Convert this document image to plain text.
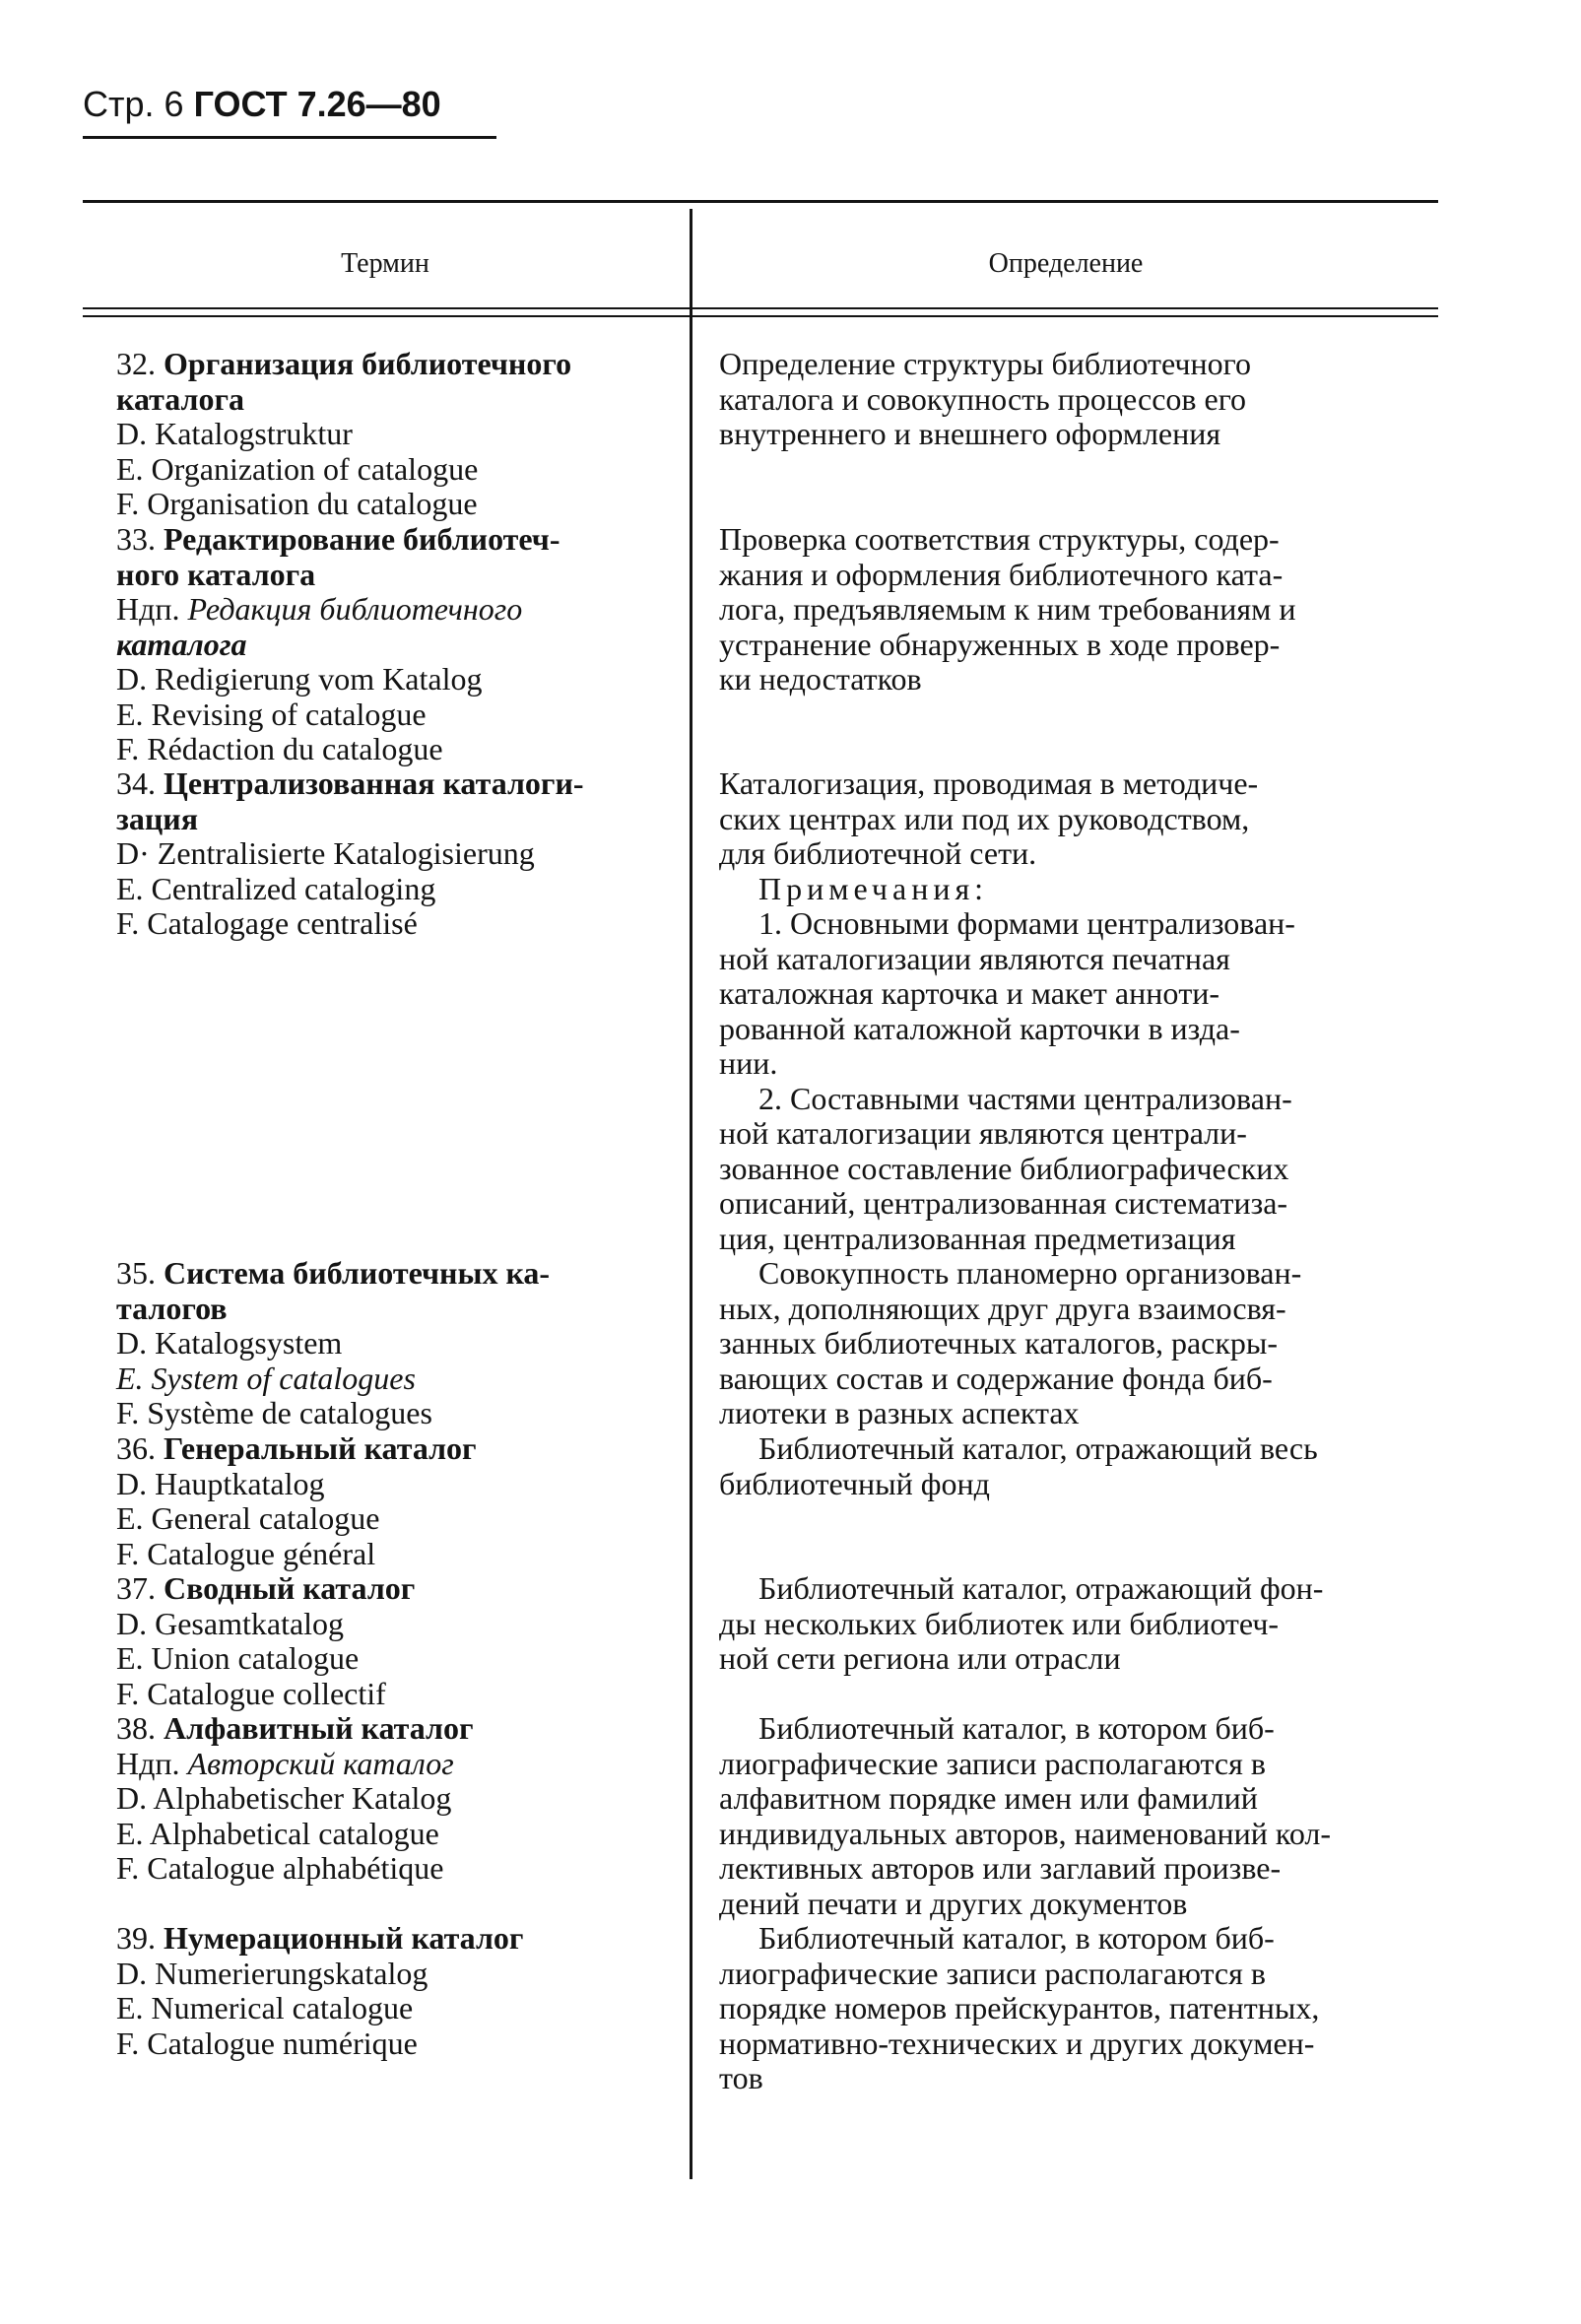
Стр. 6 ГОСТ 7.26—80
Термин	Определение
32. Организация библиотечного
каталога
D. Katalogstruktur
E. Organization of catalogue
F. Organisation du catalogue
Определение структуры библиотечного
каталога и совокупность процессов его
внутреннего и внешнего оформления
33. Редактирование библиотеч-
ного каталога
Ндп. Редакция библиотечного
каталога
D. Redigierung vom Katalog
E. Revising of catalogue
F. Rédaction du catalogue
Проверка соответствия структуры, содер-
жания и оформления библиотечного ката-
лога, предъявляемым к ним требованиям и
устранение обнаруженных в ходе провер-
ки недостатков
34. Централизованная каталоги-
зация
D· Zentralisierte Katalogisierung
E. Centralized cataloging
F. Catalogage centralisé
Каталогизация, проводимая в методиче-
ских центрах или под их руководством,
для библиотечной сети.
Примечания:
1. Основными формами централизован-
ной каталогизации являются печатная
каталожная карточка и макет аннoти-
рованной каталожной карточки в изда-
нии.
2. Составными частями централизован-
ной каталогизации являются централи-
зованное составление библиографических
описаний, централизованная систематиза-
ция, централизованная предметизация
35. Система библиотечных ка-
талогов
D. Katalogsystem
E. System of catalogues
F. Système de catalogues
Совокупность планомерно организован-
ных, дополняющих друг друга взаимосвя-
занных библиотечных каталогов, раскры-
вающих состав и содержание фонда биб-
лиотеки в разных аспектах
36. Генеральный каталог
D. Hauptkatalog
E. General catalogue
F. Catalogue général
Библиотечный каталог, отражающий весь
библиотечный фонд
37. Сводный каталог
D. Gesamtkatalog
E. Union catalogue
F. Catalogue collectif
Библиотечный каталог, отражающий фон-
ды нескольких библиотек или библиотеч-
ной сети региона или отрасли
38. Алфавитный каталог
Ндп. Авторский каталог
D. Alphabetischer Katalog
E. Alphabetical catalogue
F. Catalogue alphabétique
Библиотечный каталог, в котором биб-
лиографические записи располагаются в
алфавитном порядке имен или фамилий
индивидуальных авторов, наименований кол-
лективных авторов или заглавий произве-
дений печати и других документов
39. Нумерационный каталог
D. Numerierungskatalog
E. Numerical catalogue
F. Catalogue numérique
Библиотечный каталог, в котором биб-
лиографические записи располагаются в
порядке номеров прейскурантов, патентных,
нормативно-технических и других докумен-
тов
